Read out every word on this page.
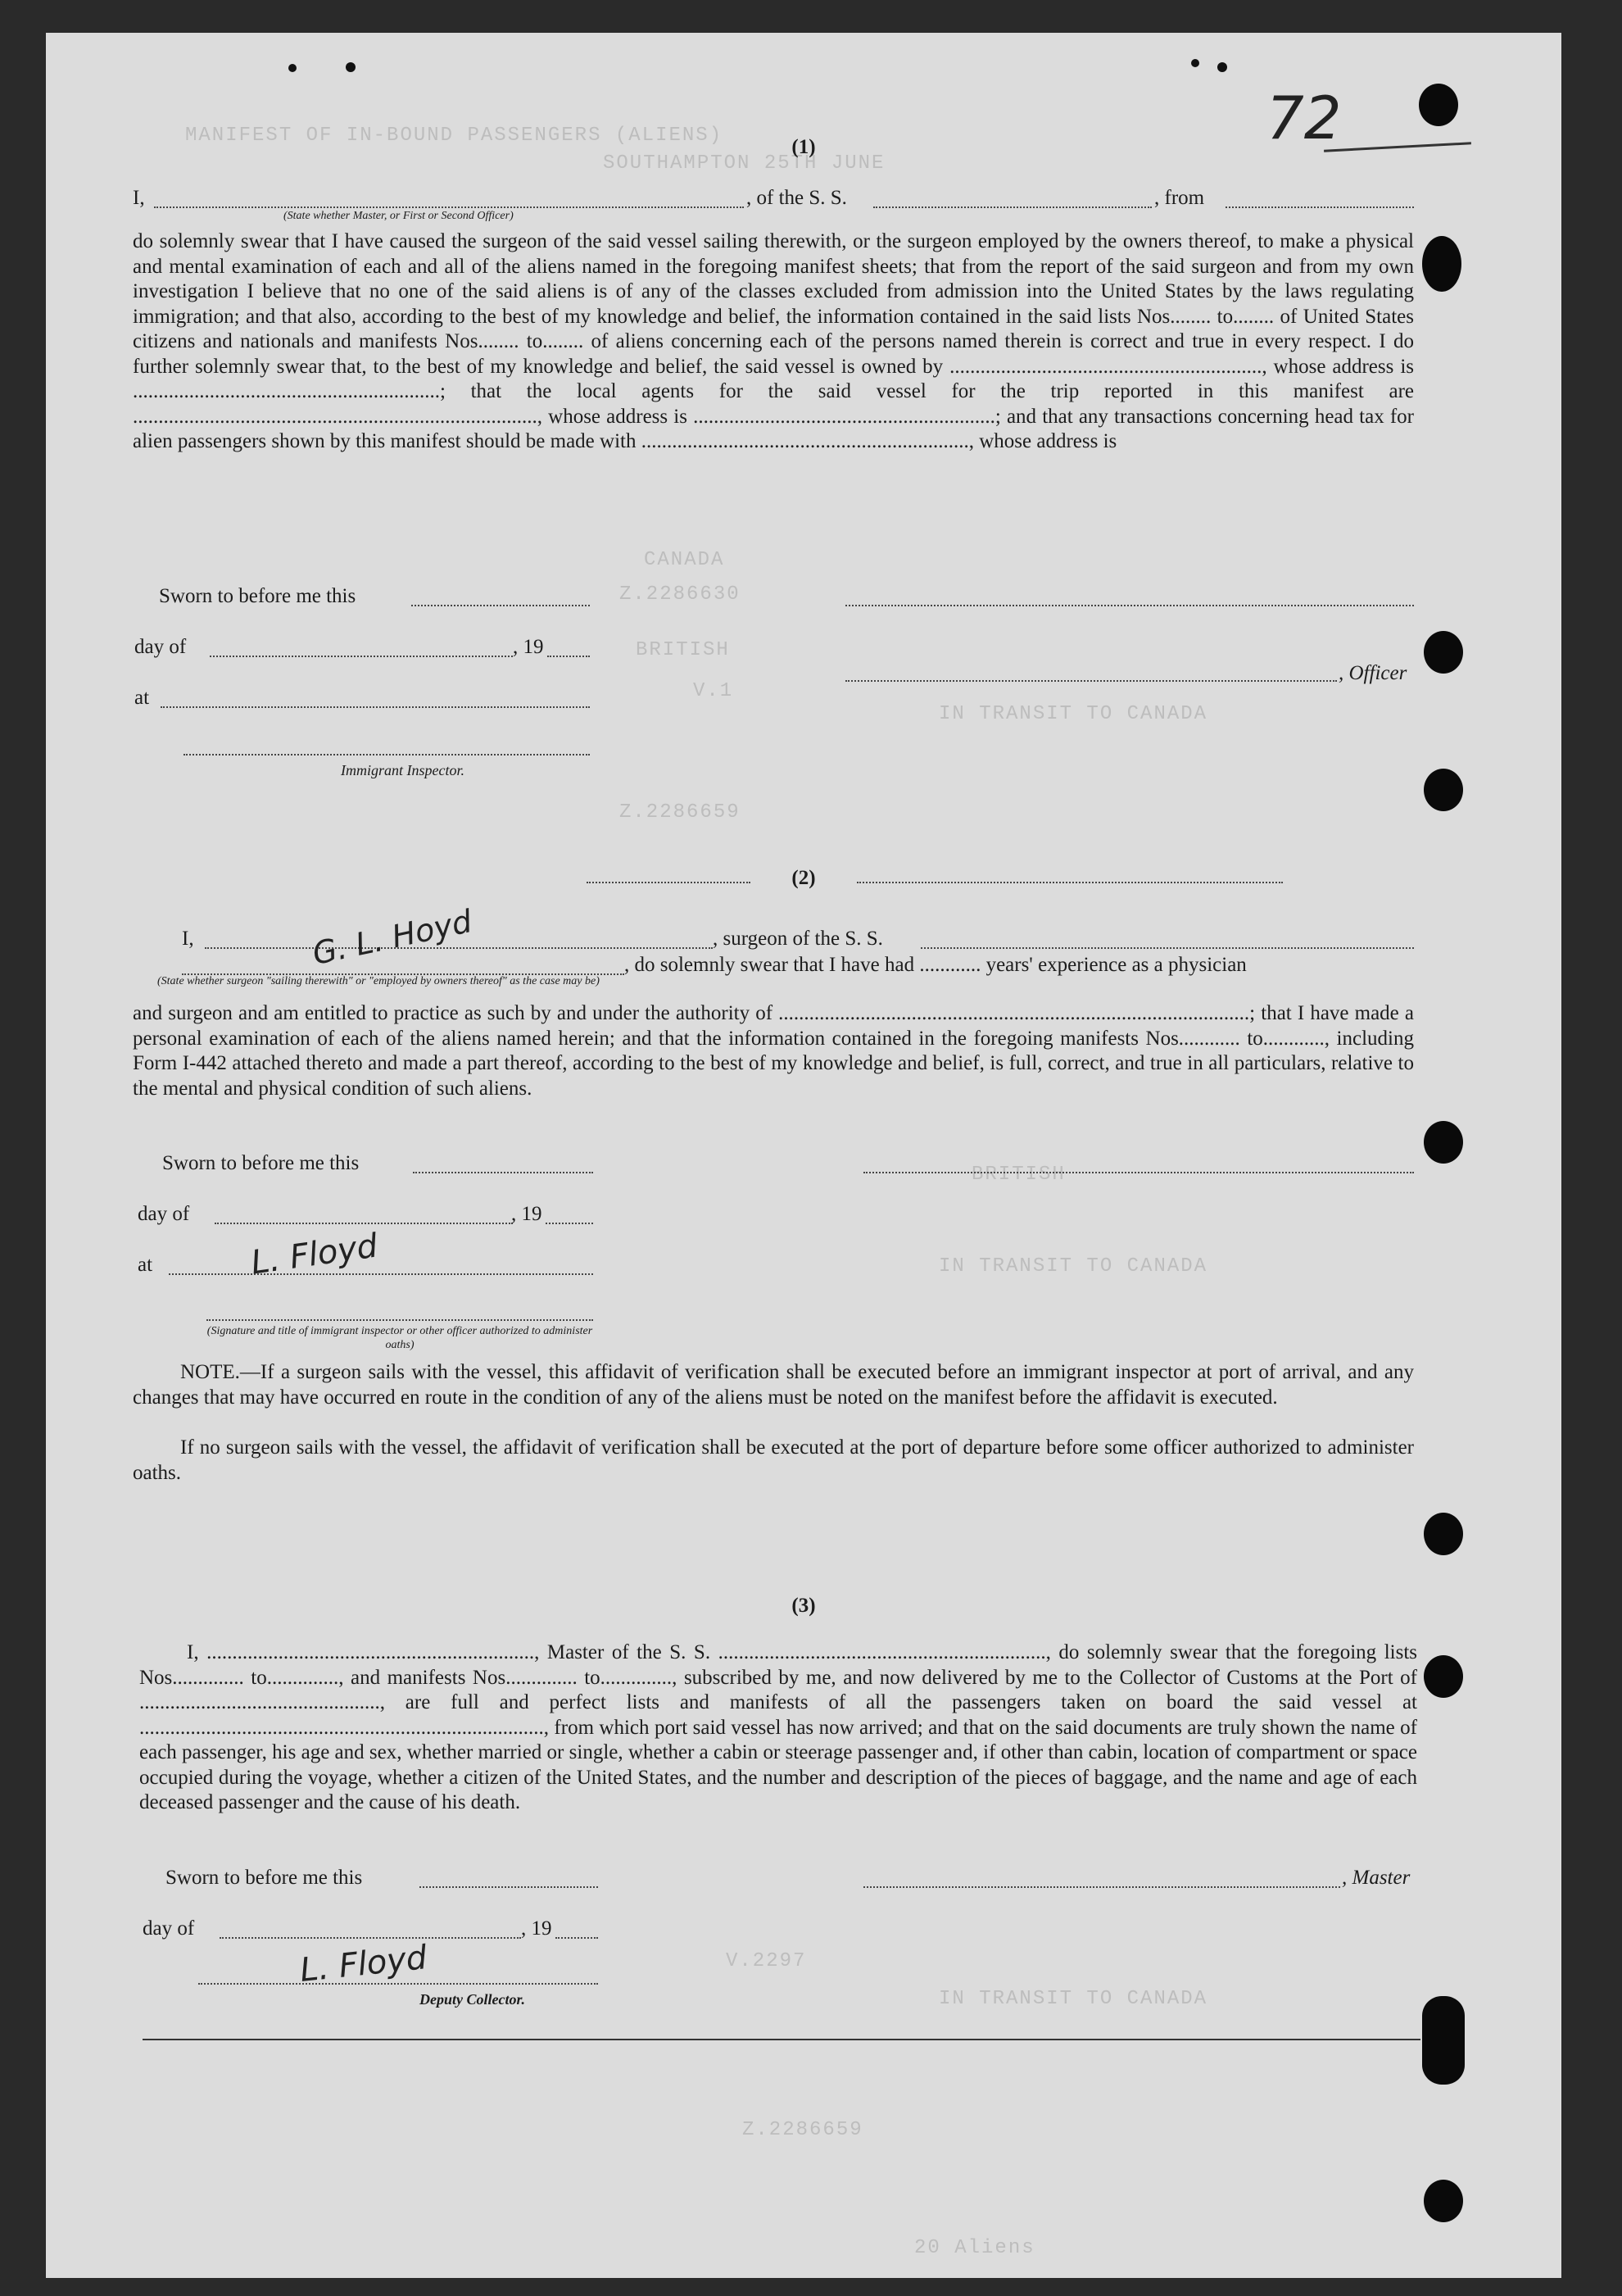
MANIFEST OF IN-BOUND PASSENGERS (ALIENS)
SOUTHAMPTON 25TH JUNE
CANADA
Z.2286630
BRITISH
V.1
Z.2286659
IN TRANSIT TO CANADA
BRITISH
IN TRANSIT TO CANADA
IN TRANSIT TO CANADA
Z.2286659
V.2297
20 Aliens
72
(1)
I,	, of the S. S.	, from
(State whether Master, or First or Second Officer)
do solemnly swear that I have caused the surgeon of the said vessel sailing therewith, or the surgeon employed by the owners thereof, to make a physical and mental examination of each and all of the aliens named in the foregoing manifest sheets; that from the report of the said surgeon and from my own investigation I believe that no one of the said aliens is of any of the classes excluded from admission into the United States by the laws regulating immigration; and that also, according to the best of my knowledge and belief, the information contained in the said lists Nos........ to........ of United States citizens and nationals and manifests Nos........ to........ of aliens concerning each of the persons named therein is correct and true in every respect. I do further solemnly swear that, to the best of my knowledge and belief, the said vessel is owned by ............................................................., whose address is ............................................................; that the local agents for the said vessel for the trip reported in this manifest are ..............................................................................., whose address is ...........................................................; and that any transactions concerning head tax for alien passengers shown by this manifest should be made with ................................................................, whose address is
Sworn to before me this
day of	, 19
at
Immigrant Inspector.
, Officer
(2)
I,	, surgeon of the S. S.
, do solemnly swear that I have had ............ years' experience as a physician
(State whether surgeon "sailing therewith" or "employed by owners thereof" as the case may be)
and surgeon and am entitled to practice as such by and under the authority of ............................................................................................; that I have made a personal examination of each of the aliens named herein; and that the information contained in the foregoing manifests Nos............ to............, including Form I-442 attached thereto and made a part thereof, according to the best of my knowledge and belief, is full, correct, and true in all particulars, relative to the mental and physical condition of such aliens.
G. L. Hoyd
Sworn to before me this
day of	, 19
at	L. Floyd
(Signature and title of immigrant inspector or other officer authorized to administer oaths)
NOTE.—If a surgeon sails with the vessel, this affidavit of verification shall be executed before an immigrant inspector at port of arrival, and any changes that may have occurred en route in the condition of any of the aliens must be noted on the manifest before the affidavit is executed.
If no surgeon sails with the vessel, the affidavit of verification shall be executed at the port of departure before some officer authorized to administer oaths.
(3)
I, ................................................................, Master of the S. S. ................................................................, do solemnly swear that the foregoing lists Nos.............. to.............., and manifests Nos.............. to.............., subscribed by me, and now delivered by me to the Collector of Customs at the Port of ..............................................., are full and perfect lists and manifests of all the passengers taken on board the said vessel at ..............................................................................., from which port said vessel has now arrived; and that on the said documents are truly shown the name of each passenger, his age and sex, whether married or single, whether a cabin or steerage passenger and, if other than cabin, location of compartment or space occupied during the voyage, whether a citizen of the United States, and the number and description of the pieces of baggage, and the name and age of each deceased passenger and the cause of his death.
Sworn to before me this
day of	, 19
L. Floyd
Deputy Collector.
, Master
